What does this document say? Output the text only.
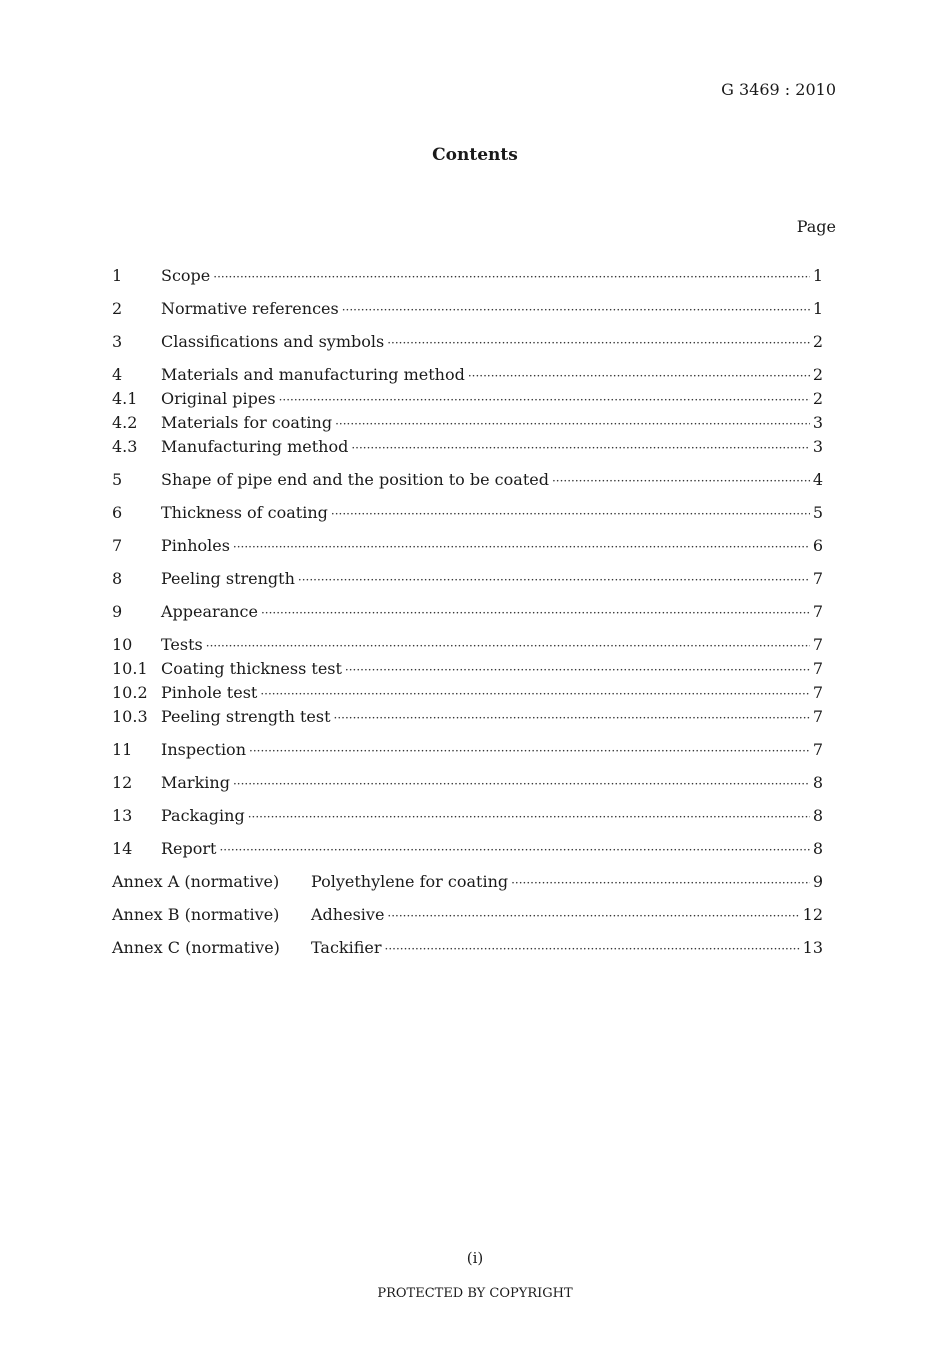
G 3469 : 2010
Contents
Page
1	Scope ·····	1
2	Normative references ·····	1
3	Classifications and symbols ·····	2
4	Materials and manufacturing method ·····	2
4.1	Original pipes ·····	2
4.2	Materials for coating ·····	3
4.3	Manufacturing method ·····	3
5	Shape of pipe end and the position to be coated ·····	4
6	Thickness of coating ·····	5
7	Pinholes ·····	6
8	Peeling strength ·····	7
9	Appearance ·····	7
10	Tests ·····	7
10.1 Coating thickness test ·····	7
10.2 Pinhole test ·····	7
10.3 Peeling strength test ·····	7
11	Inspection ·····	7
12	Marking ·····	8
13	Packaging ·····	8
14	Report ·····	8
Annex A (normative)	Polyethylene for coating ·····	9
Annex B (normative)	Adhesive ·····	12
Annex C (normative)	Tackifier ·····	13
(i)
PROTECTED BY COPYRIGHT
